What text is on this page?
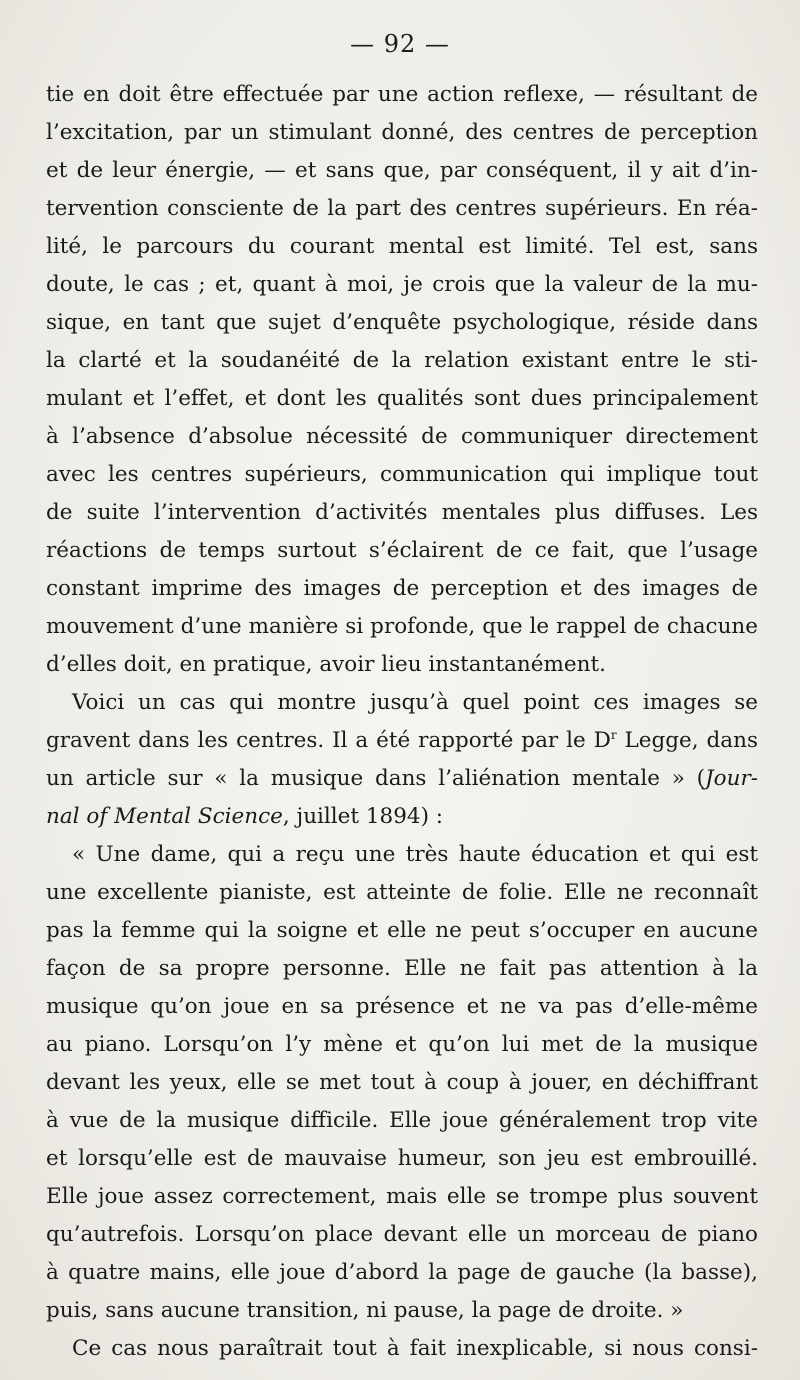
— 92 —
tie en doit être effectuée par une action reflexe, — résultant de
l’excitation, par un stimulant donné, des centres de perception
et de leur énergie, — et sans que, par conséquent, il y ait d’in-
tervention consciente de la part des centres supérieurs. En réa-
lité, le parcours du courant mental est limité. Tel est, sans
doute, le cas ; et, quant à moi, je crois que la valeur de la mu-
sique, en tant que sujet d’enquête psychologique, réside dans
la clarté et la soudanéité de la relation existant entre le sti-
mulant et l’effet, et dont les qualités sont dues principalement
à l’absence d’absolue nécessité de communiquer directement
avec les centres supérieurs, communication qui implique tout
de suite l’intervention d’activités mentales plus diffuses. Les
réactions de temps surtout s’éclairent de ce fait, que l’usage
constant imprime des images de perception et des images de
mouvement d’une manière si profonde, que le rappel de chacune
d’elles doit, en pratique, avoir lieu instantanément.
Voici un cas qui montre jusqu’à quel point ces images se
gravent dans les centres. Il a été rapporté par le $D^r$ Legge, dans
un article sur « la musique dans l’aliénation mentale » (Jour-
nal of Mental Science, juillet 1894) :
« Une dame, qui a reçu une très haute éducation et qui est
une excellente pianiste, est atteinte de folie. Elle ne reconnaît
pas la femme qui la soigne et elle ne peut s’occuper en aucune
façon de sa propre personne. Elle ne fait pas attention à la
musique qu’on joue en sa présence et ne va pas d’elle-même
au piano. Lorsqu’on l’y mène et qu’on lui met de la musique
devant les yeux, elle se met tout à coup à jouer, en déchiffrant
à vue de la musique difficile. Elle joue généralement trop vite
et lorsqu’elle est de mauvaise humeur, son jeu est embrouillé.
Elle joue assez correctement, mais elle se trompe plus souvent
qu’autrefois. Lorsqu’on place devant elle un morceau de piano
à quatre mains, elle joue d’abord la page de gauche (la basse),
puis, sans aucune transition, ni pause, la page de droite. »
Ce cas nous paraîtrait tout à fait inexplicable, si nous consi-
